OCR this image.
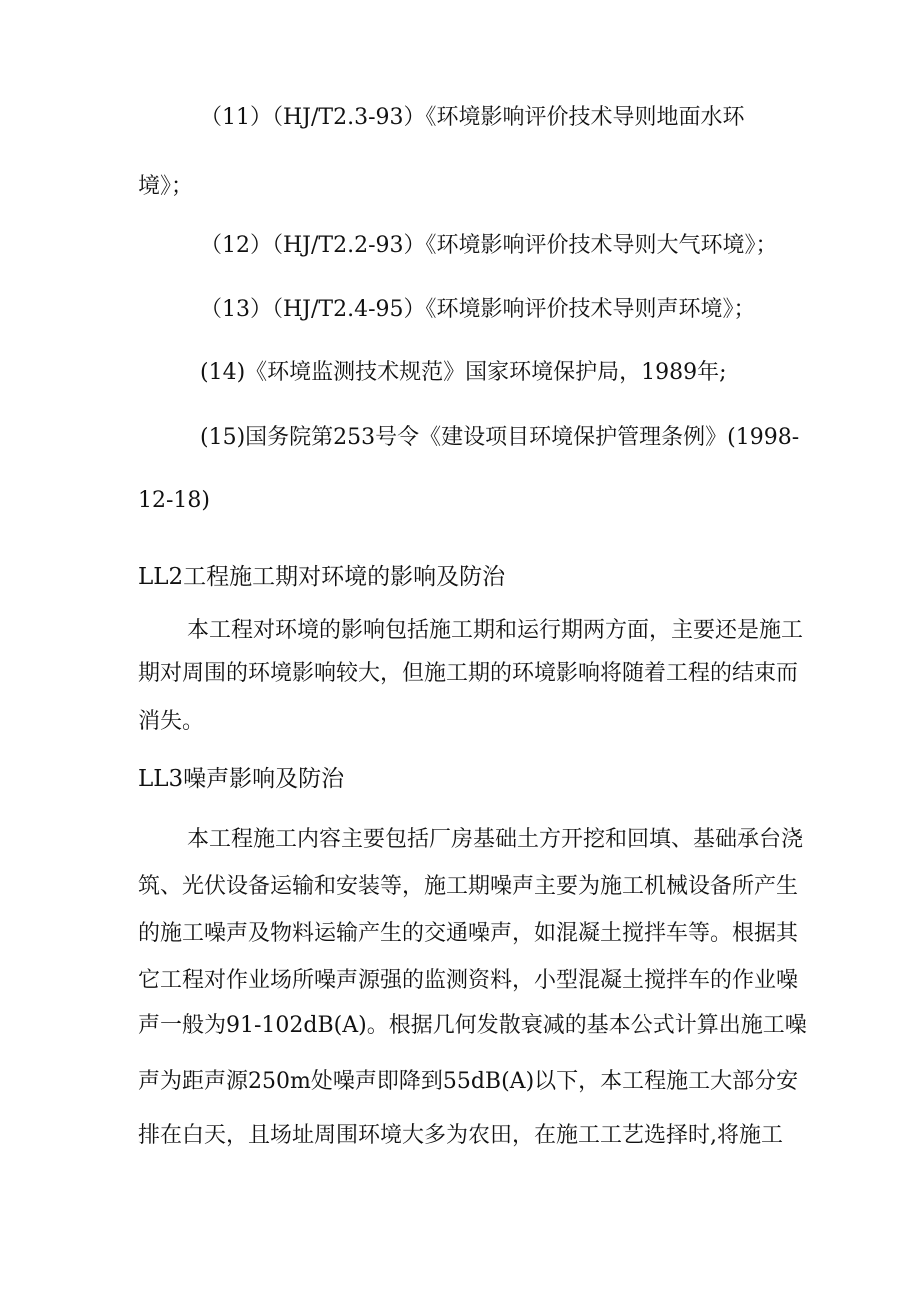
（11）（HJ/T2.3-93）《环境影响评价技术导则地面水环
境》；
（12）（HJ/T2.2-93）《环境影响评价技术导则大气环境》；
（13）（HJ/T2.4-95）《环境影响评价技术导则声环境》；
(14)《环境监测技术规范》国家环境保护局，1989年;
(15)国务院第253号令《建设项目环境保护管理条例》(1998-
12-18)
LL2工程施工期对环境的影响及防治
本工程对环境的影响包括施工期和运行期两方面，主要还是施工
期对周围的环境影响较大，但施工期的环境影响将随着工程的结束而
消失。
LL3噪声影响及防治
本工程施工内容主要包括厂房基础土方开挖和回填、基础承台浇
筑、光伏设备运输和安装等，施工期噪声主要为施工机械设备所产生
的施工噪声及物料运输产生的交通噪声，如混凝土搅拌车等。根据其
它工程对作业场所噪声源强的监测资料，小型混凝土搅拌车的作业噪
声一般为91-102dB(A)。根据几何发散衰减的基本公式计算出施工噪
声为距声源250m处噪声即降到55dB(A)以下，本工程施工大部分安
排在白天，且场址周围环境大多为农田，在施工工艺选择时,将施工
